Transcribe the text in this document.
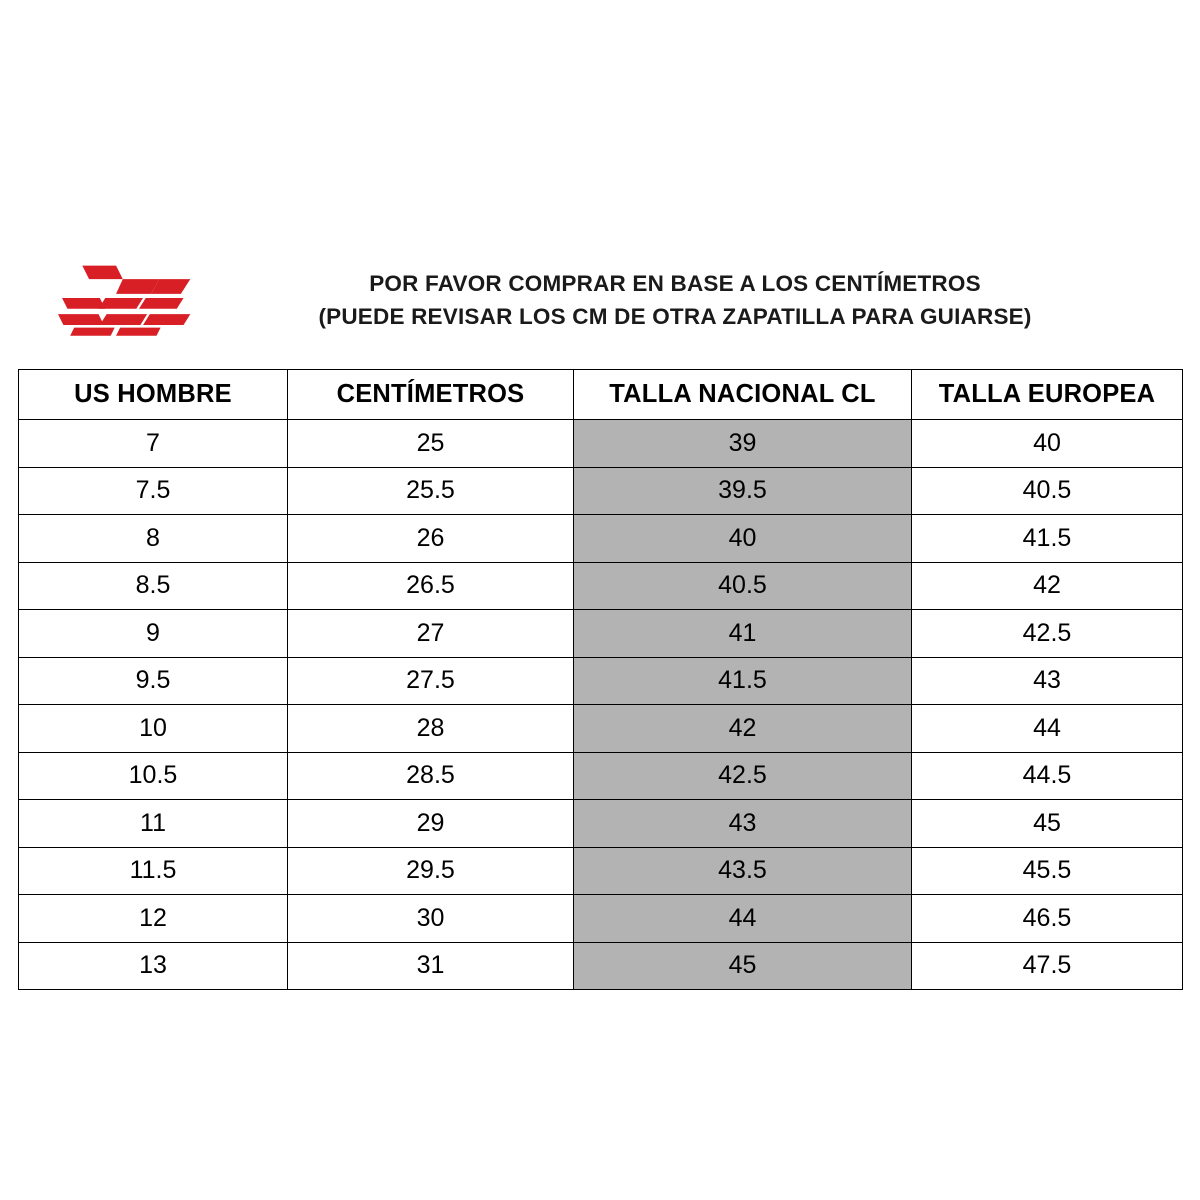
POR FAVOR COMPRAR EN BASE A LOS CENTÍMETROS
(PUEDE REVISAR LOS CM DE OTRA ZAPATILLA PARA GUIARSE)
US HOMBRE	CENTÍMETROS	TALLA NACIONAL CL	TALLA EUROPEA
7	25	39	40
7.5	25.5	39.5	40.5
8	26	40	41.5
8.5	26.5	40.5	42
9	27	41	42.5
9.5	27.5	41.5	43
10	28	42	44
10.5	28.5	42.5	44.5
11	29	43	45
11.5	29.5	43.5	45.5
12	30	44	46.5
13	31	45	47.5
